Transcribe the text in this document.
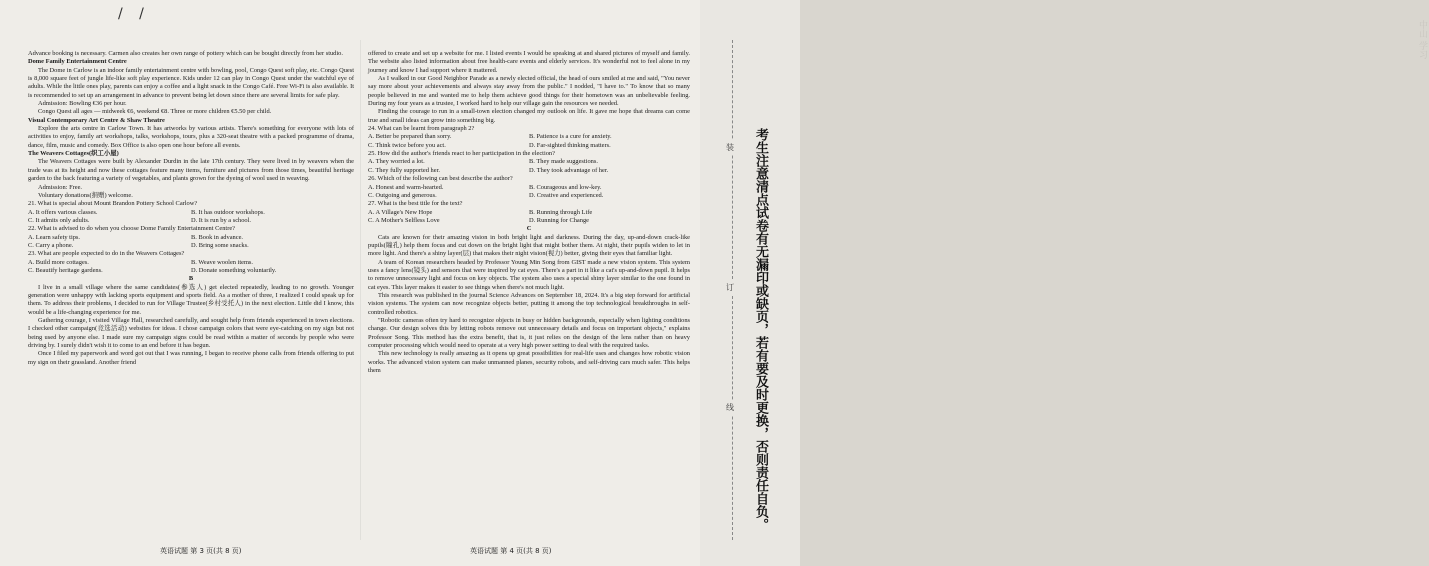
/ /

Advance booking is necessary. Carmen also creates her own range of pottery which can be bought directly from her studio.

Dome Family Entertainment Centre

The Dome in Carlow is an indoor family entertainment centre with bowling, pool, Congo Quest soft play, etc. Congo Quest is 8,000 square feet of jungle life-like soft play experience. Kids under 12 can play in Congo Quest under the watchful eye of adults. While the little ones play, parents can enjoy a coffee and a light snack in the Congo Café. Free Wi-Fi is also available. It is recommended to set up an arrangement in advance to prevent being let down since there are several limits for safe play.

Admission: Bowling €36 per hour.

Congo Quest all ages — midweek €6, weekend €8. Three or more children €5.50 per child.

Visual Contemporary Art Centre & Shaw Theatre

Explore the arts centre in Carlow Town. It has artworks by various artists. There's something for everyone with lots of activities to enjoy, family art workshops, talks, workshops, tours, plus a 320-seat theatre with a packed programme of drama, dance, film, music and comedy. Box Office is also open one hour before all events.

The Weavers Cottages(织工小屋)

The Weavers Cottages were built by Alexander Durdin in the late 17th century. They were lived in by weavers when the trade was at its height and now these cottages feature many items, furniture and pictures from those times, beautiful heritage garden to the back featuring a variety of vegetables, and plants grown for the dyeing of wool used in weaving.

Admission: Free.

Voluntary donations(捐赠) welcome.

21. What is special about Mount Brandon Pottery School Carlow?

A. It offers various classes.	B. It has outdoor workshops.
C. It admits only adults.	D. It is run by a school.

22. What is advised to do when you choose Dome Family Entertainment Centre?

A. Learn safety tips.	B. Book in advance.
C. Carry a phone.	D. Bring some snacks.

23. What are people expected to do in the Weavers Cottages?

A. Build more cottages.	B. Weave woolen items.
C. Beautify heritage gardens.	D. Donate something voluntarily.

B

I live in a small village where the same candidates(参选人) get elected repeatedly, leading to no growth. Younger generation were unhappy with lacking sports equipment and sports field. As a mother of three, I realized I could speak up for them. To address their problems, I decided to run for Village Trustee(乡村受托人) in the next election. Little did I know, this would be a life-changing experience for me.

Gathering courage, I visited Village Hall, researched carefully, and sought help from friends experienced in town elections. I checked other campaign(竞选活动) websites for ideas. I chose campaign colors that were eye-catching on my sign but not being used by anyone else. I made sure my campaign signs could be read within a matter of seconds by people who were driving by. I surely didn't wish it to come to an end before it has begun.

Once I filed my paperwork and word got out that I was running, I began to receive phone calls from friends offering to put my sign on their grassland. Another friend

offered to create and set up a website for me. I listed events I would be speaking at and shared pictures of myself and family. The website also listed information about free health-care events and elderly services. It's wonderful not to feel alone in my journey and know I had support where it mattered.

As I walked in our Good Neighbor Parade as a newly elected official, the head of ours smiled at me and said, "You never say more about your achievements and always stay away from the public." I nodded, "I have to." To know that so many people believed in me and wanted me to help them achieve good things for their hometown was an unbelievable feeling. During my four years as a trustee, I worked hard to help our village gain the resources we needed.

Finding the courage to run in a small-town election changed my outlook on life. It gave me hope that dreams can come true and small ideas can grow into something big.

24. What can be learnt from paragraph 2?

A. Better be prepared than sorry.	B. Patience is a cure for anxiety.
C. Think twice before you act.	D. Far-sighted thinking matters.

25. How did the author's friends react to her participation in the election?

A. They worried a lot.	B. They made suggestions.
C. They fully supported her.	D. They took advantage of her.

26. Which of the following can best describe the author?

A. Honest and warm-hearted.	B. Courageous and low-key.
C. Outgoing and generous.	D. Creative and experienced.

27. What is the best title for the text?

A. A Village's New Hope	B. Running through Life
C. A Mother's Selfless Love	D. Running for Change

C

Cats are known for their amazing vision in both bright light and darkness. During the day, up-and-down crack-like pupils(瞳孔) help them focus and cut down on the bright light that might bother them. At night, their pupils widen to let in more light. And there's a shiny layer(层) that makes their night vision(视力) better, giving their eyes that familiar light.

A team of Korean researchers headed by Professor Young Min Song from GIST made a new vision system. This system uses a fancy lens(镜头) and sensors that were inspired by cat eyes. There's a part in it like a cat's up-and-down pupil. It helps to remove unnecessary light and focus on key objects. The system also uses a special shiny layer similar to the one found in cat eyes. This layer makes it easier to see things when there's not much light.

This research was published in the journal Science Advances on September 18, 2024. It's a big step forward for artificial vision systems. The system can now recognize objects better, putting it among the top technological breakthroughs in self-controlled robotics.

"Robotic cameras often try hard to recognize objects in busy or hidden backgrounds, especially when lighting conditions change. Our design solves this by letting robots remove out unnecessary details and focus on important objects," explains Professor Song. This method has the extra benefit, that is, it just relies on the design of the lens rather than on heavy computer processing which would need to operate at a very high power setting to deal with the required tasks.

This new technology is really amazing as it opens up great possibilities for real-life uses and changes how robotic vision works. The advanced vision system can make unmanned planes, security robots, and self-driving cars much safer. This helps them

英语试题 第 3 页(共 8 页)	英语试题 第 4 页(共 8 页)
中山 学习
装
订
线 考生注意清点试卷有无漏印或缺页，若有要及时更换，否则责任自负。
